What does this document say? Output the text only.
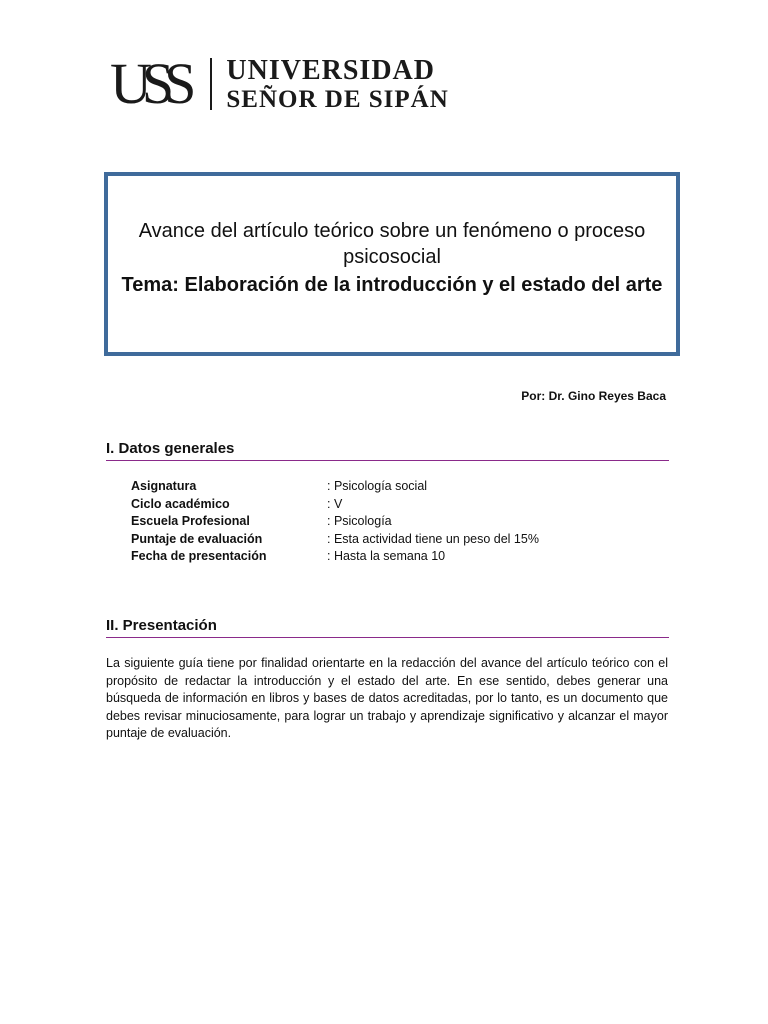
USS UNIVERSIDAD
SEÑOR DE SIPÁN
Avance del artículo teórico sobre un fenómeno o proceso psicosocial
Tema: Elaboración de la introducción y el estado del arte
Por: Dr. Gino Reyes Baca
I. Datos generales
Asignatura	: Psicología social
Ciclo académico	: V
Escuela Profesional	: Psicología
Puntaje de evaluación	: Esta actividad tiene un peso del 15%
Fecha de presentación	: Hasta la semana 10
II. Presentación
La siguiente guía tiene por finalidad orientarte en la redacción del avance del artículo teórico con el propósito de redactar la introducción y el estado del arte. En ese sentido, debes generar una búsqueda de información en libros y bases de datos acreditadas, por lo tanto, es un documento que debes revisar minuciosamente, para lograr un trabajo y aprendizaje significativo y alcanzar el mayor puntaje de evaluación.
